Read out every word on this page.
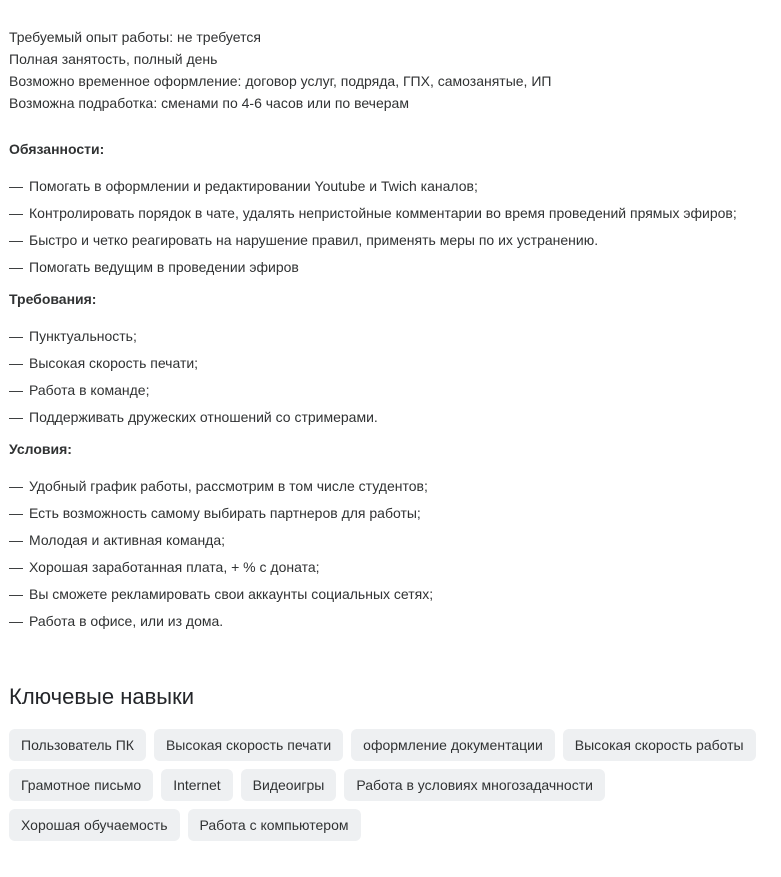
Требуемый опыт работы: не требуется
Полная занятость, полный день
Возможно временное оформление: договор услуг, подряда, ГПХ, самозанятые, ИП
Возможна подработка: сменами по 4-6 часов или по вечерам
Обязанности:
— Помогать в оформлении и редактировании Youtube и Twich каналов;
— Контролировать порядок в чате, удалять непристойные комментарии во время проведений прямых эфиров;
— Быстро и четко реагировать на нарушение правил, применять меры по их устранению.
— Помогать ведущим в проведении эфиров
Требования:
— Пунктуальность;
— Высокая скорость печати;
— Работа в команде;
— Поддерживать дружеских отношений со стримерами.
Условия:
— Удобный график работы, рассмотрим в том числе студентов;
— Есть возможность самому выбирать партнеров для работы;
— Молодая и активная команда;
— Хорошая заработанная плата, + % с доната;
— Вы сможете рекламировать свои аккаунты социальных сетях;
— Работа в офисе, или из дома.
Ключевые навыки
Пользователь ПК	Высокая скорость печати	оформление документации	Высокая скорость работы
Грамотное письмо	Internet	Видеоигры	Работа в условиях многозадачности
Хорошая обучаемость	Работа с компьютером
